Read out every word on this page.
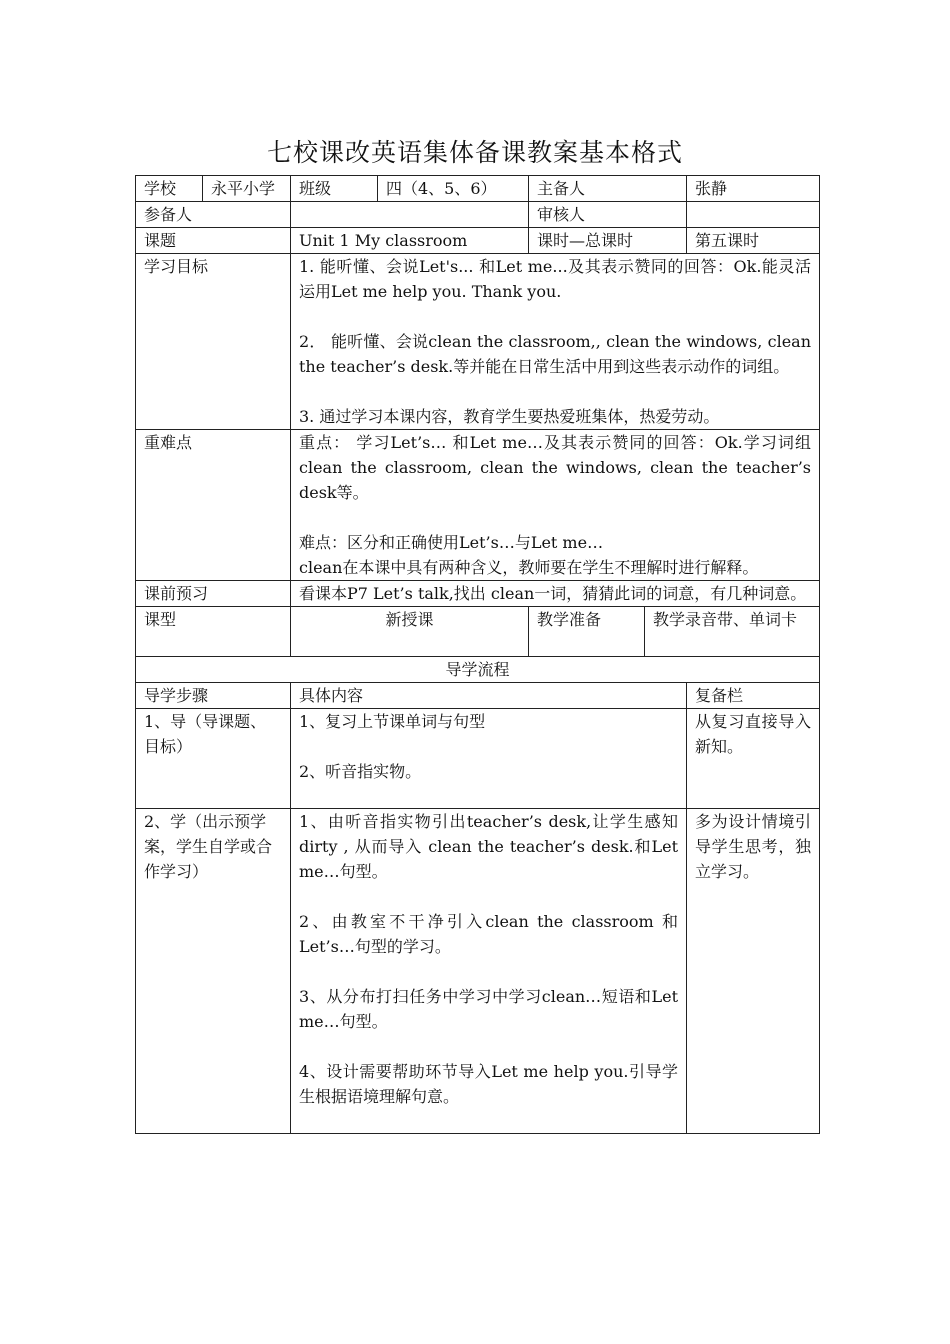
七校课改英语集体备课教案基本格式
学校	永平小学	班级	四（4、5、6）	主备人		张静
参备人				审核人		
课题		Unit 1 My classroom		课时—总课时		第五课时
学习目标		1. 能听懂、会说Let's... 和Let me...及其表示赞同的回答：Ok.能灵活运用Let me help you. Thank you.

2． 能听懂、会说clean the classroom,, clean the windows, clean the teacher’s desk.等并能在日常生活中用到这些表示动作的词组。

3. 通过学习本课内容，教育学生要热爱班集体，热爱劳动。				

重难点		重点： 学习Let’s… 和Let me…及其表示赞同的回答：Ok.学习词组clean the classroom, clean the windows, clean the teacher’s desk等。

难点：区分和正确使用Let’s…与Let me…
clean在本课中具有两种含义，教师要在学生不理解时进行解释。				

课前预习		看课本P7 Let’s talk,找出 clean一词，猜猜此词的词意，有几种词意。				
课型		新授课		教学准备	教学录音带、单词卡	
导学流程						
导学步骤		具体内容				复备栏
1、导（导课题、目标）		1、复习上节课单词与句型

2、听音指实物。				从复习直接导入新知。
2、学（出示预学案，学生自学或合作学习）		1、由听音指实物引出teacher’s desk,让学生感知 dirty , 从而导入 clean the teacher’s desk.和Let me…句型。

2、由教室不干净引入clean the classroom 和Let’s…句型的学习。

3、从分布打扫任务中学习中学习clean…短语和Let me…句型。

4、设计需要帮助环节导入Let me help you.引导学生根据语境理解句意。				多为设计情境引导学生思考，独立学习。
